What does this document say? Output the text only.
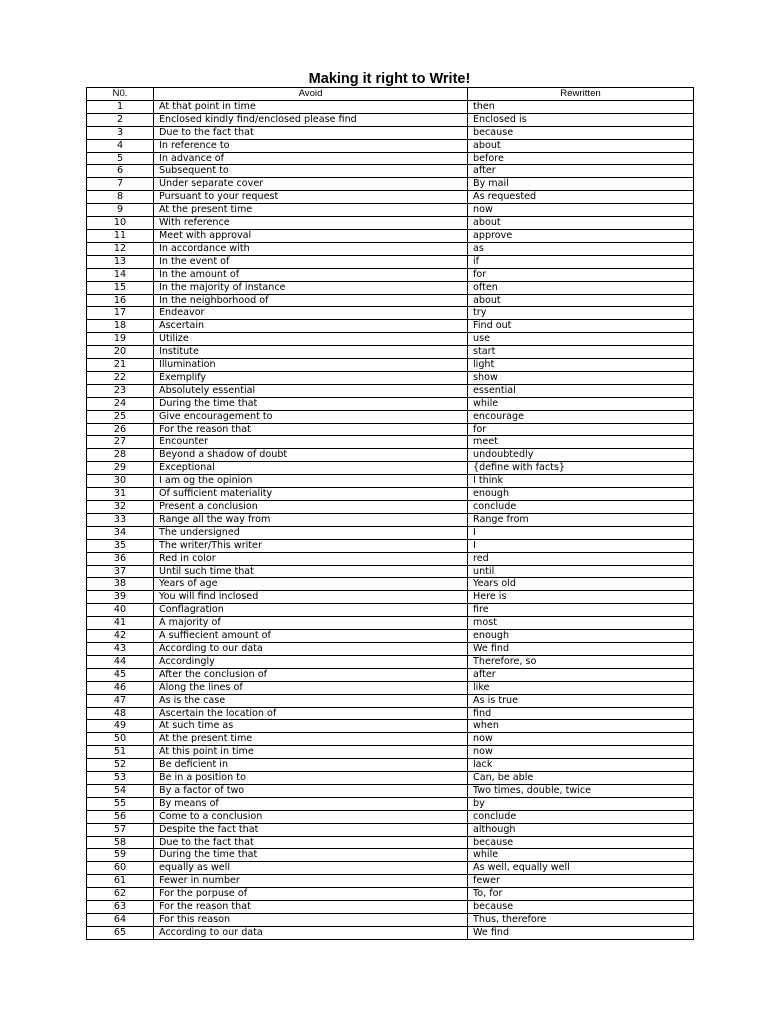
Making it right to Write!
N0.	Avoid	Rewritten
1	At that point in time	then
2	Enclosed kindly find/enclosed please find	Enclosed is
3	Due to the fact that	because
4	In reference to	about
5	In advance of	before
6	Subsequent to	after
7	Under separate cover	By mail
8	Pursuant to your request	As requested
9	At the present time	now
10	With reference	about
11	Meet with approval	approve
12	In accordance with	as
13	In the event of	if
14	In the amount of	for
15	In the majority of instance	often
16	In the neighborhood of	about
17	Endeavor	try
18	Ascertain	Find out
19	Utilize	use
20	Institute	start
21	Illumination	light
22	Exemplify	show
23	Absolutely essential	essential
24	During the time that	while
25	Give encouragement to	encourage
26	For the reason that	for
27	Encounter	meet
28	Beyond a shadow of doubt	undoubtedly
29	Exceptional	{define with facts}
30	I am og the opinion	I think
31	Of sufficient materiality	enough
32	Present a conclusion	conclude
33	Range all the way from	Range from
34	The undersigned	I
35	The writer/This writer	I
36	Red in color	red
37	Until such time that	until
38	Years of age	Years old
39	You will find inclosed	Here is
40	Conflagration	fire
41	A majority of	most
42	A suffiecient amount of	enough
43	According to our data	We find
44	Accordingly	Therefore, so
45	After the conclusion of	after
46	Along the lines of	like
47	As is the case	As is true
48	Ascertain the location of	find
49	At such time as	when
50	At the present time	now
51	At this point in time	now
52	Be deficient in	lack
53	Be in a position to	Can, be able
54	By a factor of two	Two times, double, twice
55	By means of	by
56	Come to a conclusion	conclude
57	Despite the fact that	although
58	Due to the fact that	because
59	During the time that	while
60	equally as well	As well, equally well
61	Fewer in number	fewer
62	For the porpuse of	To, for
63	For the reason that	because
64	For this reason	Thus, therefore
65	According to our data	We find
